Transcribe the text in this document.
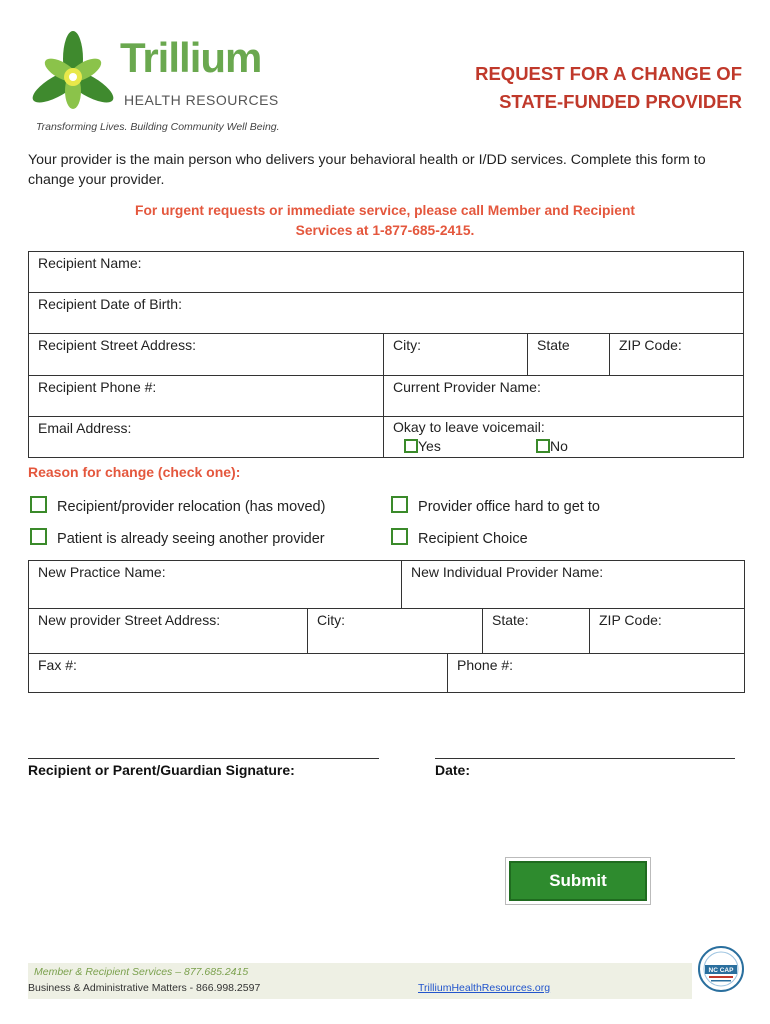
Trillium
HEALTH RESOURCES
Transforming Lives. Building Community Well Being.
REQUEST FOR A CHANGE OF
STATE-FUNDED PROVIDER
Your provider is the main person who delivers your behavioral health or I/DD services. Complete this form to change your provider.
For urgent requests or immediate service, please call Member and Recipient
Services at 1-877-685-2415.
Recipient Name:
Recipient Date of Birth:
Recipient Street Address:	City:	State	ZIP Code:
Recipient Phone #:	Current Provider Name:
Email Address:	Okay to leave voicemail:
Yes	No
Reason for change (check one):
Recipient/provider relocation (has moved)	Provider office hard to get to
Patient is already seeing another provider	Recipient Choice
New Practice Name:	New Individual Provider Name:
New provider Street Address:	City:	State:	ZIP Code:
Fax #:	Phone #:
Recipient or Parent/Guardian Signature:	Date:
Submit
Member & Recipient Services – 877.685.2415
Business & Administrative Matters - 866.998.2597	TrilliumHealthResources.org
NC CAP
